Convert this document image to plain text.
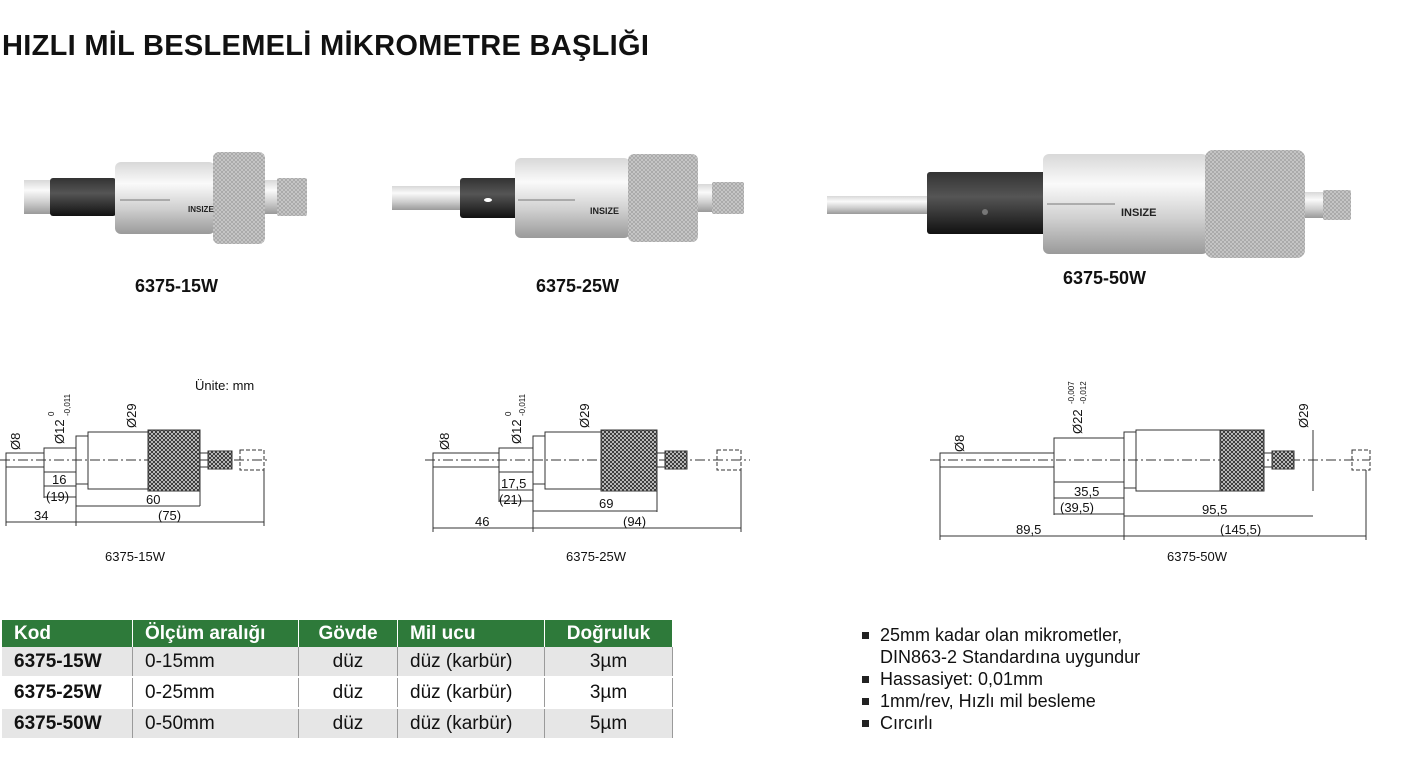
HIZLI MİL BESLEMELİ MİKROMETRE BAŞLIĞI
INSIZE	INSIZE	INSIZE
6375-15W	6375-25W	6375-50W
Ünite: mm
16
(19)	60
34	(75)
Ø8 Ø12
0 -0,011	Ø29
17,5
(21)	69
46	(94)
Ø8	Ø12
0 -0,011	Ø29
35,5
(39,5)	95,5
89,5	(145,5)
Ø8
Ø22
-0,007 -0,012
Ø29
6375-15W	6375-25W	6375-50W
Kod	Ölçüm aralığı	Gövde	Mil ucu	Doğruluk
6375-15W	0-15mm	düz	düz (karbür)	3µm
6375-25W	0-25mm	düz	düz (karbür)	3µm
6375-50W	0-50mm	düz	düz (karbür)	5µm
25mm kadar olan mikrometler,
DIN863-2 Standardına uygundur
Hassasiyet: 0,01mm
1mm/rev, Hızlı mil besleme
Cırcırlı
